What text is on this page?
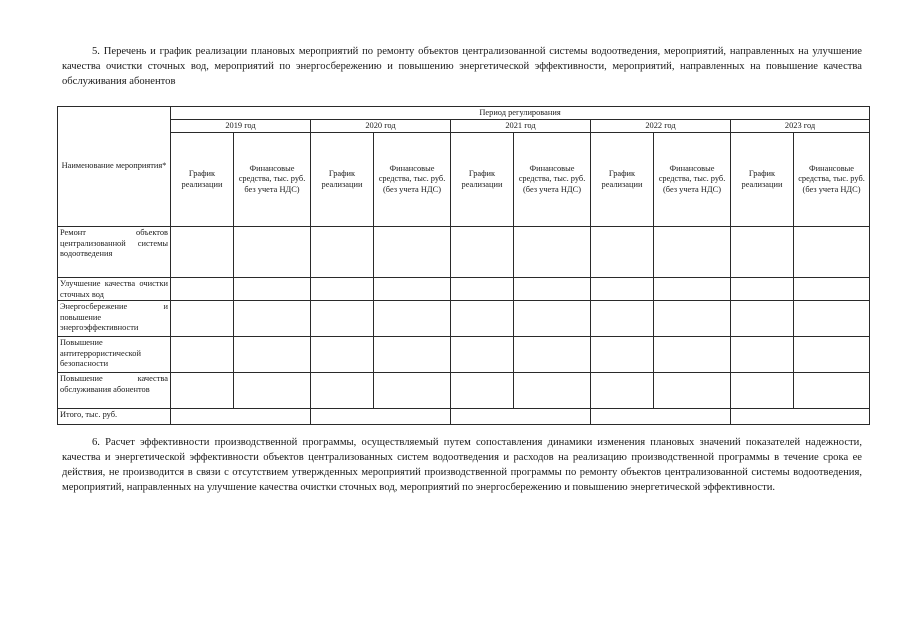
5. Перечень и график реализации плановых мероприятий по ремонту объектов централизованной системы водоотведения, мероприятий, направленных на улучшение качества очистки сточных вод, мероприятий по энергосбережению и повышению энергетической эффективности, мероприятий, направленных на повышение качества обслуживания абонентов

Наименование мероприятия*	Период регулирования									
	2019 год		2020 год		2021 год		2022 год		2023 год	
	График реализации	Финансовые средства, тыс. руб. без учета НДС)	График реализации	Финансовые средства, тыс. руб. (без учета НДС)	График реализации	Финансовые средства, тыс. руб. (без учета НДС)	График реализации	Финансовые средства, тыс. руб. (без учета НДС)	График реализации	Финансовые средства, тыс. руб. (без учета НДС)
Ремонт объектов централизованной системы водоотведения										
Улучшение качества очистки сточных вод										
Энергосбережение и повышение энергоэффективности										
Повышение антитеррористической безопасности										
Повышение качества обслуживания абонентов										
Итого, тыс. руб.										

6. Расчет эффективности производственной программы, осуществляемый путем сопоставления динамики изменения плановых значений показателей надежности, качества и энергетической эффективности объектов централизованных систем водоотведения и расходов на реализацию производственной программы в течение срока ее действия, не производится в связи с отсутствием утвержденных мероприятий производственной программы по ремонту объектов централизованной системы водоотведения, мероприятий, направленных на улучшение качества очистки сточных вод, мероприятий по энергосбережению и повышению энергетической эффективности.
